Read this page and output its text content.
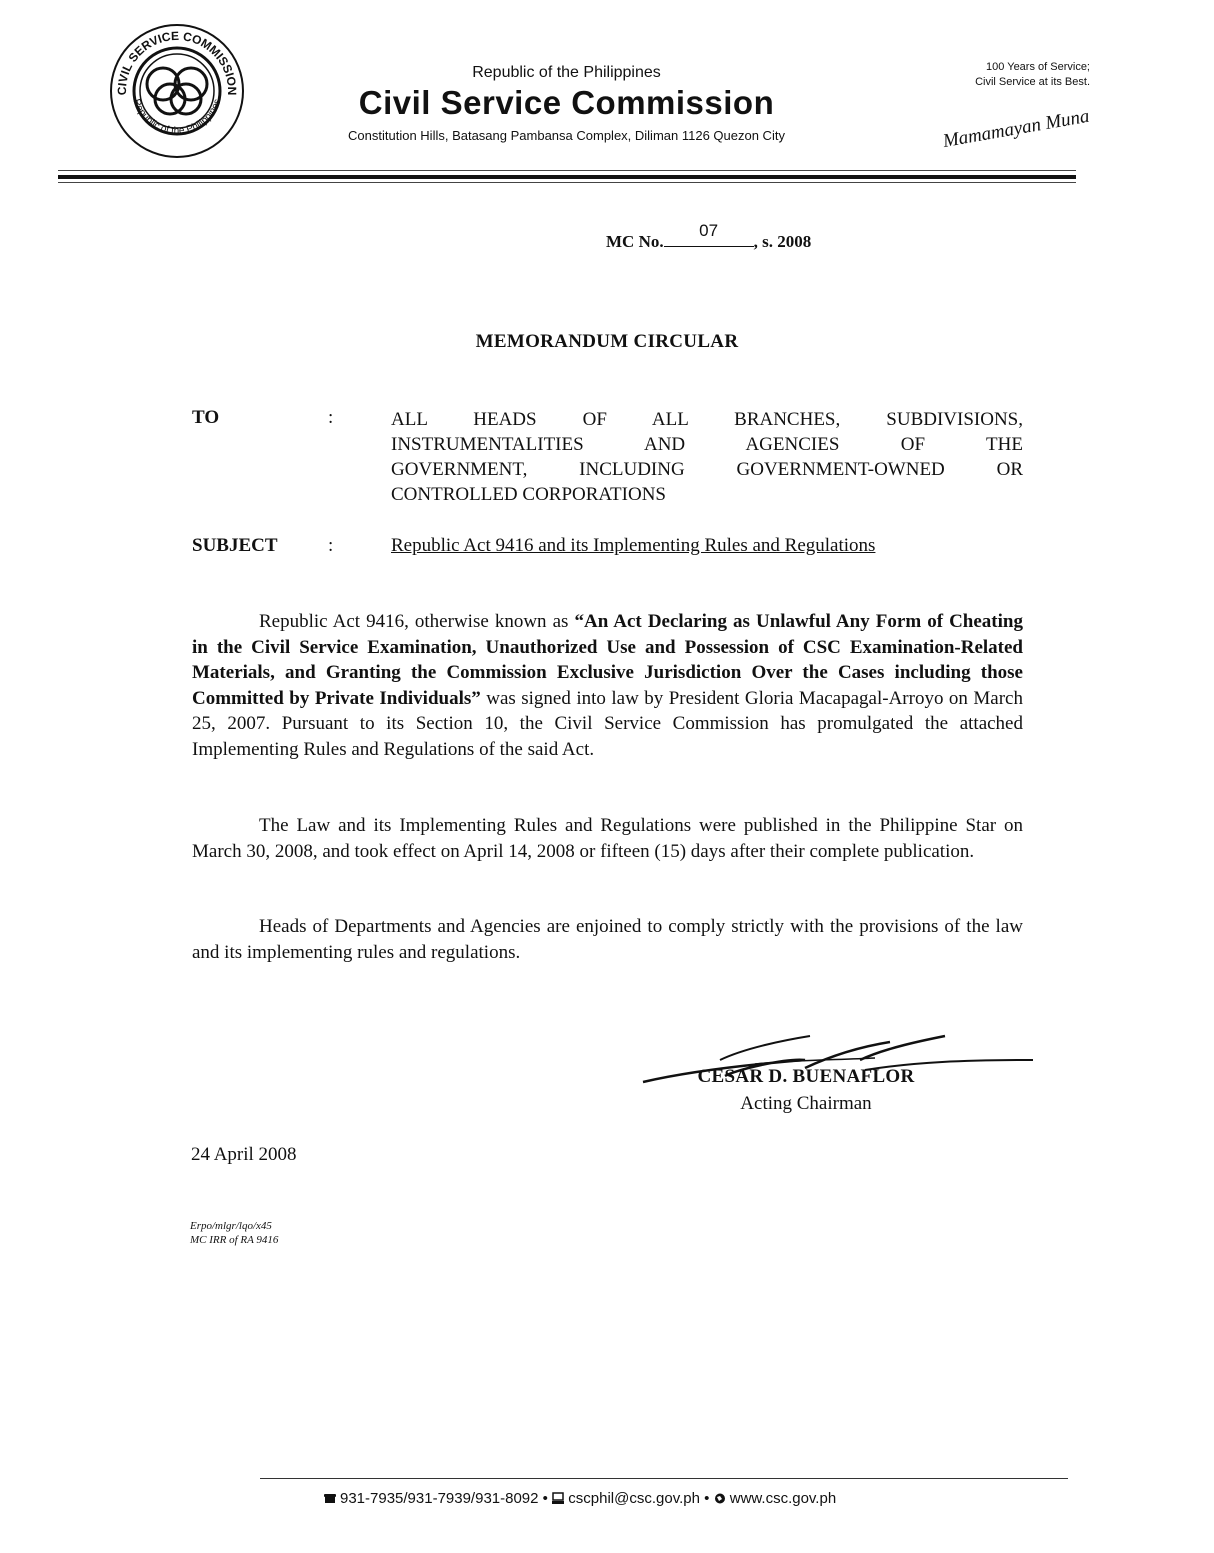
CIVIL SERVICE COMMISSION
Republic of the Philippines
Republic of the Philippines
Civil Service Commission
Constitution Hills, Batasang Pambansa Complex, Diliman 1126 Quezon City
100 Years of Service;
Civil Service at its Best.
Mamamayan Muna
MC No.
07
, s. 2008
MEMORANDUM CIRCULAR
TO	:	ALL HEADS OF ALL BRANCHES, SUBDIVISIONS,
INSTRUMENTALITIES AND AGENCIES OF THE
GOVERNMENT, INCLUDING GOVERNMENT-OWNED OR
CONTROLLED CORPORATIONS
SUBJECT	:	Republic Act 9416 and its Implementing Rules and Regulations
Republic Act 9416, otherwise known as “An Act Declaring as Unlawful Any Form of Cheating in the Civil Service Examination, Unauthorized Use and Possession of CSC Examination-Related Materials, and Granting the Commission Exclusive Jurisdiction Over the Cases including those Committed by Private Individuals” was signed into law by President Gloria Macapagal-Arroyo on March 25, 2007. Pursuant to its Section 10, the Civil Service Commission has promulgated the attached Implementing Rules and Regulations of the said Act.
The Law and its Implementing Rules and Regulations were published in the Philippine Star on March 30, 2008, and took effect on April 14, 2008 or fifteen (15) days after their complete publication.
Heads of Departments and Agencies are enjoined to comply strictly with the provisions of the law and its implementing rules and regulations.
CESAR D. BUENAFLOR
Acting Chairman
24 April 2008
Erpo/mlgr/lqo/x45
MC IRR of RA 9416
931-7935/931-7939/931-8092 • cscphil@csc.gov.ph • www.csc.gov.ph
